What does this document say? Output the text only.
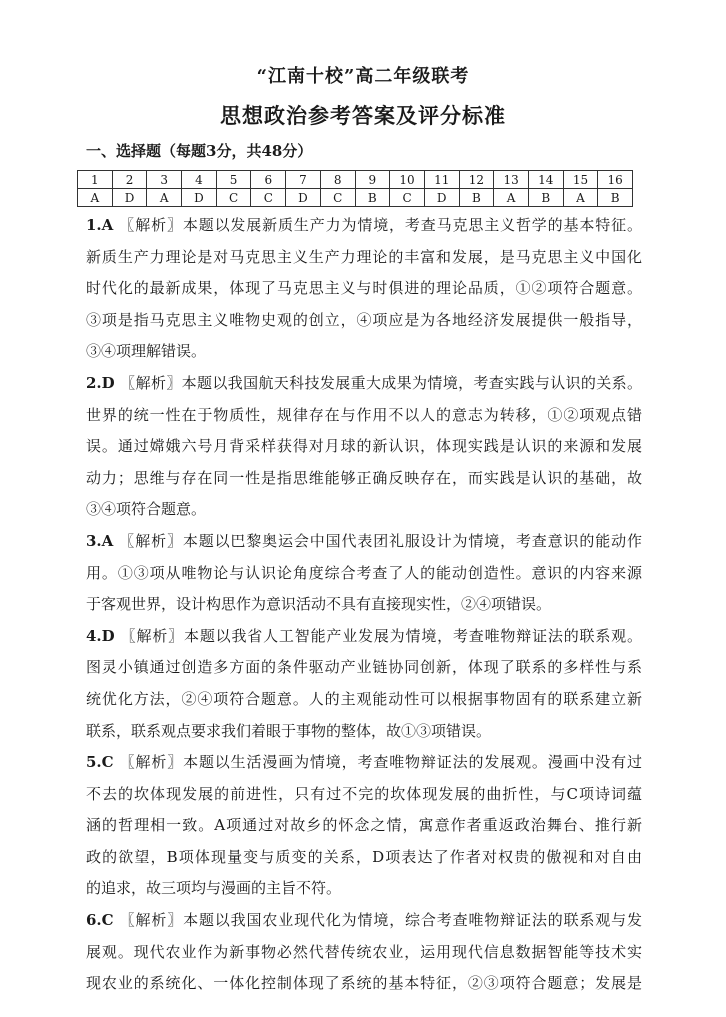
“江南十校”高二年级联考
思想政治参考答案及评分标准
一、选择题（每题3分，共48分）
1	2	3	4	5	6	7	8	9	10	11	12	13	14	15	16
A	D	A	D	C	C	D	C	B	C	D	B	A	B	A	B

1.A 〖解析〗本题以发展新质生产力为情境，考查马克思主义哲学的基本特征。

新质生产力理论是对马克思主义生产力理论的丰富和发展，是马克思主义中国化

时代化的最新成果，体现了马克思主义与时俱进的理论品质，①②项符合题意。

③项是指马克思主义唯物史观的创立，④项应是为各地经济发展提供一般指导，

③④项理解错误。

2.D 〖解析〗本题以我国航天科技发展重大成果为情境，考查实践与认识的关系。

世界的统一性在于物质性，规律存在与作用不以人的意志为转移，①②项观点错

误。通过嫦娥六号月背采样获得对月球的新认识，体现实践是认识的来源和发展

动力；思维与存在同一性是指思维能够正确反映存在，而实践是认识的基础，故

③④项符合题意。

3.A 〖解析〗本题以巴黎奥运会中国代表团礼服设计为情境，考查意识的能动作

用。①③项从唯物论与认识论角度综合考查了人的能动创造性。意识的内容来源

于客观世界，设计构思作为意识活动不具有直接现实性，②④项错误。

4.D 〖解析〗本题以我省人工智能产业发展为情境，考查唯物辩证法的联系观。

图灵小镇通过创造多方面的条件驱动产业链协同创新，体现了联系的多样性与系

统优化方法，②④项符合题意。人的主观能动性可以根据事物固有的联系建立新

联系，联系观点要求我们着眼于事物的整体，故①③项错误。

5.C 〖解析〗本题以生活漫画为情境，考查唯物辩证法的发展观。漫画中没有过

不去的坎体现发展的前进性，只有过不完的坎体现发展的曲折性，与C项诗词蕴

涵的哲理相一致。A项通过对故乡的怀念之情，寓意作者重返政治舞台、推行新

政的欲望，B项体现量变与质变的关系，D项表达了作者对权贵的傲视和对自由

的追求，故三项均与漫画的主旨不符。

6.C 〖解析〗本题以我国农业现代化为情境，综合考查唯物辩证法的联系观与发

展观。现代农业作为新事物必然代替传统农业，运用现代信息数据智能等技术实

现农业的系统化、一体化控制体现了系统的基本特征，②③项符合题意；发展是
